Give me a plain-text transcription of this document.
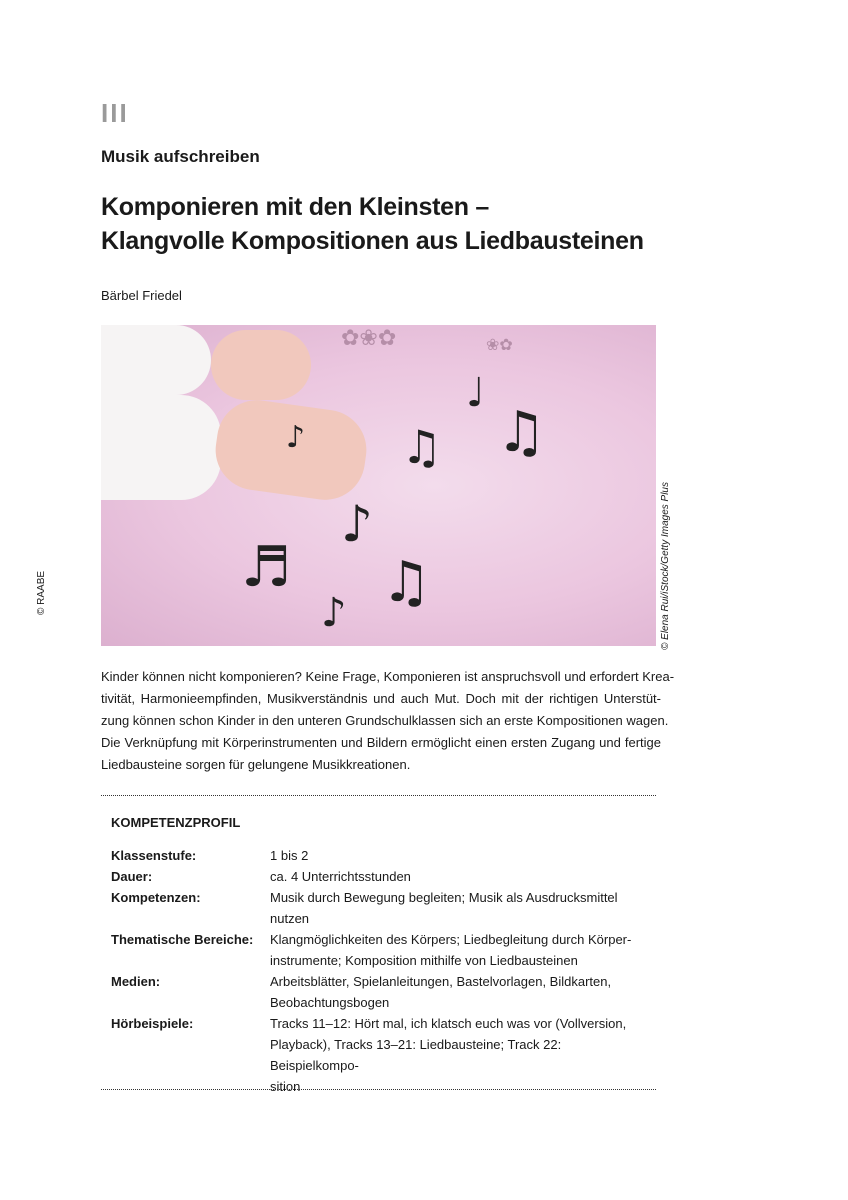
III
Musik aufschreiben
Komponieren mit den Kleinsten –
Klangvolle Kompositionen aus Liedbausteinen
Bärbel Friedel
✿❀✿	❀✿
♪
♩
♫ ♫
♪
♬ ♫
♪	© Elena Rui/iStock/Getty Images Plus
© RAABE
Kinder können nicht komponieren? Keine Frage, Komponieren ist anspruchsvoll und erfordert Krea-
tivität, Harmonieempfinden, Musikverständnis und auch Mut. Doch mit der richtigen Unterstüt-
zung können schon Kinder in den unteren Grundschulklassen sich an erste Kompositionen wagen.
Die Verknüpfung mit Körperinstrumenten und Bildern ermöglicht einen ersten Zugang und fertige
Liedbausteine sorgen für gelungene Musikkreationen.
KOMPETENZPROFIL
Klassenstufe:	1 bis 2
Dauer:	ca. 4 Unterrichtsstunden
Kompetenzen:	Musik durch Bewegung begleiten; Musik als Ausdrucksmittel
nutzen
Thematische Bereiche:	Klangmöglichkeiten des Körpers; Liedbegleitung durch Körper-
instrumente; Komposition mithilfe von Liedbausteinen
Medien:	Arbeitsblätter, Spielanleitungen, Bastelvorlagen, Bildkarten,
Beobachtungsbogen
Hörbeispiele:	Tracks 11–12: Hört mal, ich klatsch euch was vor (Vollversion,
Playback), Tracks 13–21: Liedbausteine; Track 22: Beispielkompo-
sition
